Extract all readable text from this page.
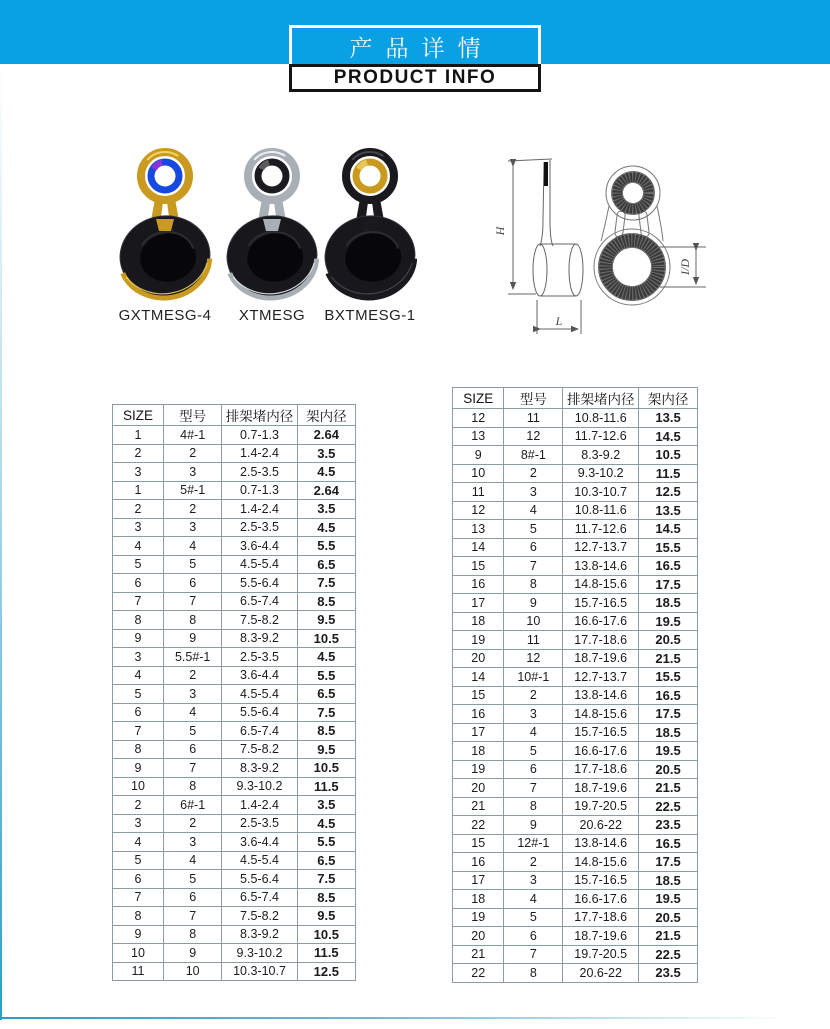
产品详情
PRODUCT INFO
GXTMESG-4	XTMESG	BXTMESG-1
H
L
I/D
SIZE	型号	排架堵内径	架内径
1	4#-1	0.7-1.3	2.64
2	2	1.4-2.4	3.5
3	3	2.5-3.5	4.5
1	5#-1	0.7-1.3	2.64
2	2	1.4-2.4	3.5
3	3	2.5-3.5	4.5
4	4	3.6-4.4	5.5
5	5	4.5-5.4	6.5
6	6	5.5-6.4	7.5
7	7	6.5-7.4	8.5
8	8	7.5-8.2	9.5
9	9	8.3-9.2	10.5
3	5.5#-1	2.5-3.5	4.5
4	2	3.6-4.4	5.5
5	3	4.5-5.4	6.5
6	4	5.5-6.4	7.5
7	5	6.5-7.4	8.5
8	6	7.5-8.2	9.5
9	7	8.3-9.2	10.5
10	8	9.3-10.2	11.5
2	6#-1	1.4-2.4	3.5
3	2	2.5-3.5	4.5
4	3	3.6-4.4	5.5
5	4	4.5-5.4	6.5
6	5	5.5-6.4	7.5
7	6	6.5-7.4	8.5
8	7	7.5-8.2	9.5
9	8	8.3-9.2	10.5
10	9	9.3-10.2	11.5
11	10	10.3-10.7	12.5
SIZE	型号	排架堵内径	架内径
12	11	10.8-11.6	13.5
13	12	11.7-12.6	14.5
9	8#-1	8.3-9.2	10.5
10	2	9.3-10.2	11.5
11	3	10.3-10.7	12.5
12	4	10.8-11.6	13.5
13	5	11.7-12.6	14.5
14	6	12.7-13.7	15.5
15	7	13.8-14.6	16.5
16	8	14.8-15.6	17.5
17	9	15.7-16.5	18.5
18	10	16.6-17.6	19.5
19	11	17.7-18.6	20.5
20	12	18.7-19.6	21.5
14	10#-1	12.7-13.7	15.5
15	2	13.8-14.6	16.5
16	3	14.8-15.6	17.5
17	4	15.7-16.5	18.5
18	5	16.6-17.6	19.5
19	6	17.7-18.6	20.5
20	7	18.7-19.6	21.5
21	8	19.7-20.5	22.5
22	9	20.6-22	23.5
15	12#-1	13.8-14.6	16.5
16	2	14.8-15.6	17.5
17	3	15.7-16.5	18.5
18	4	16.6-17.6	19.5
19	5	17.7-18.6	20.5
20	6	18.7-19.6	21.5
21	7	19.7-20.5	22.5
22	8	20.6-22	23.5
